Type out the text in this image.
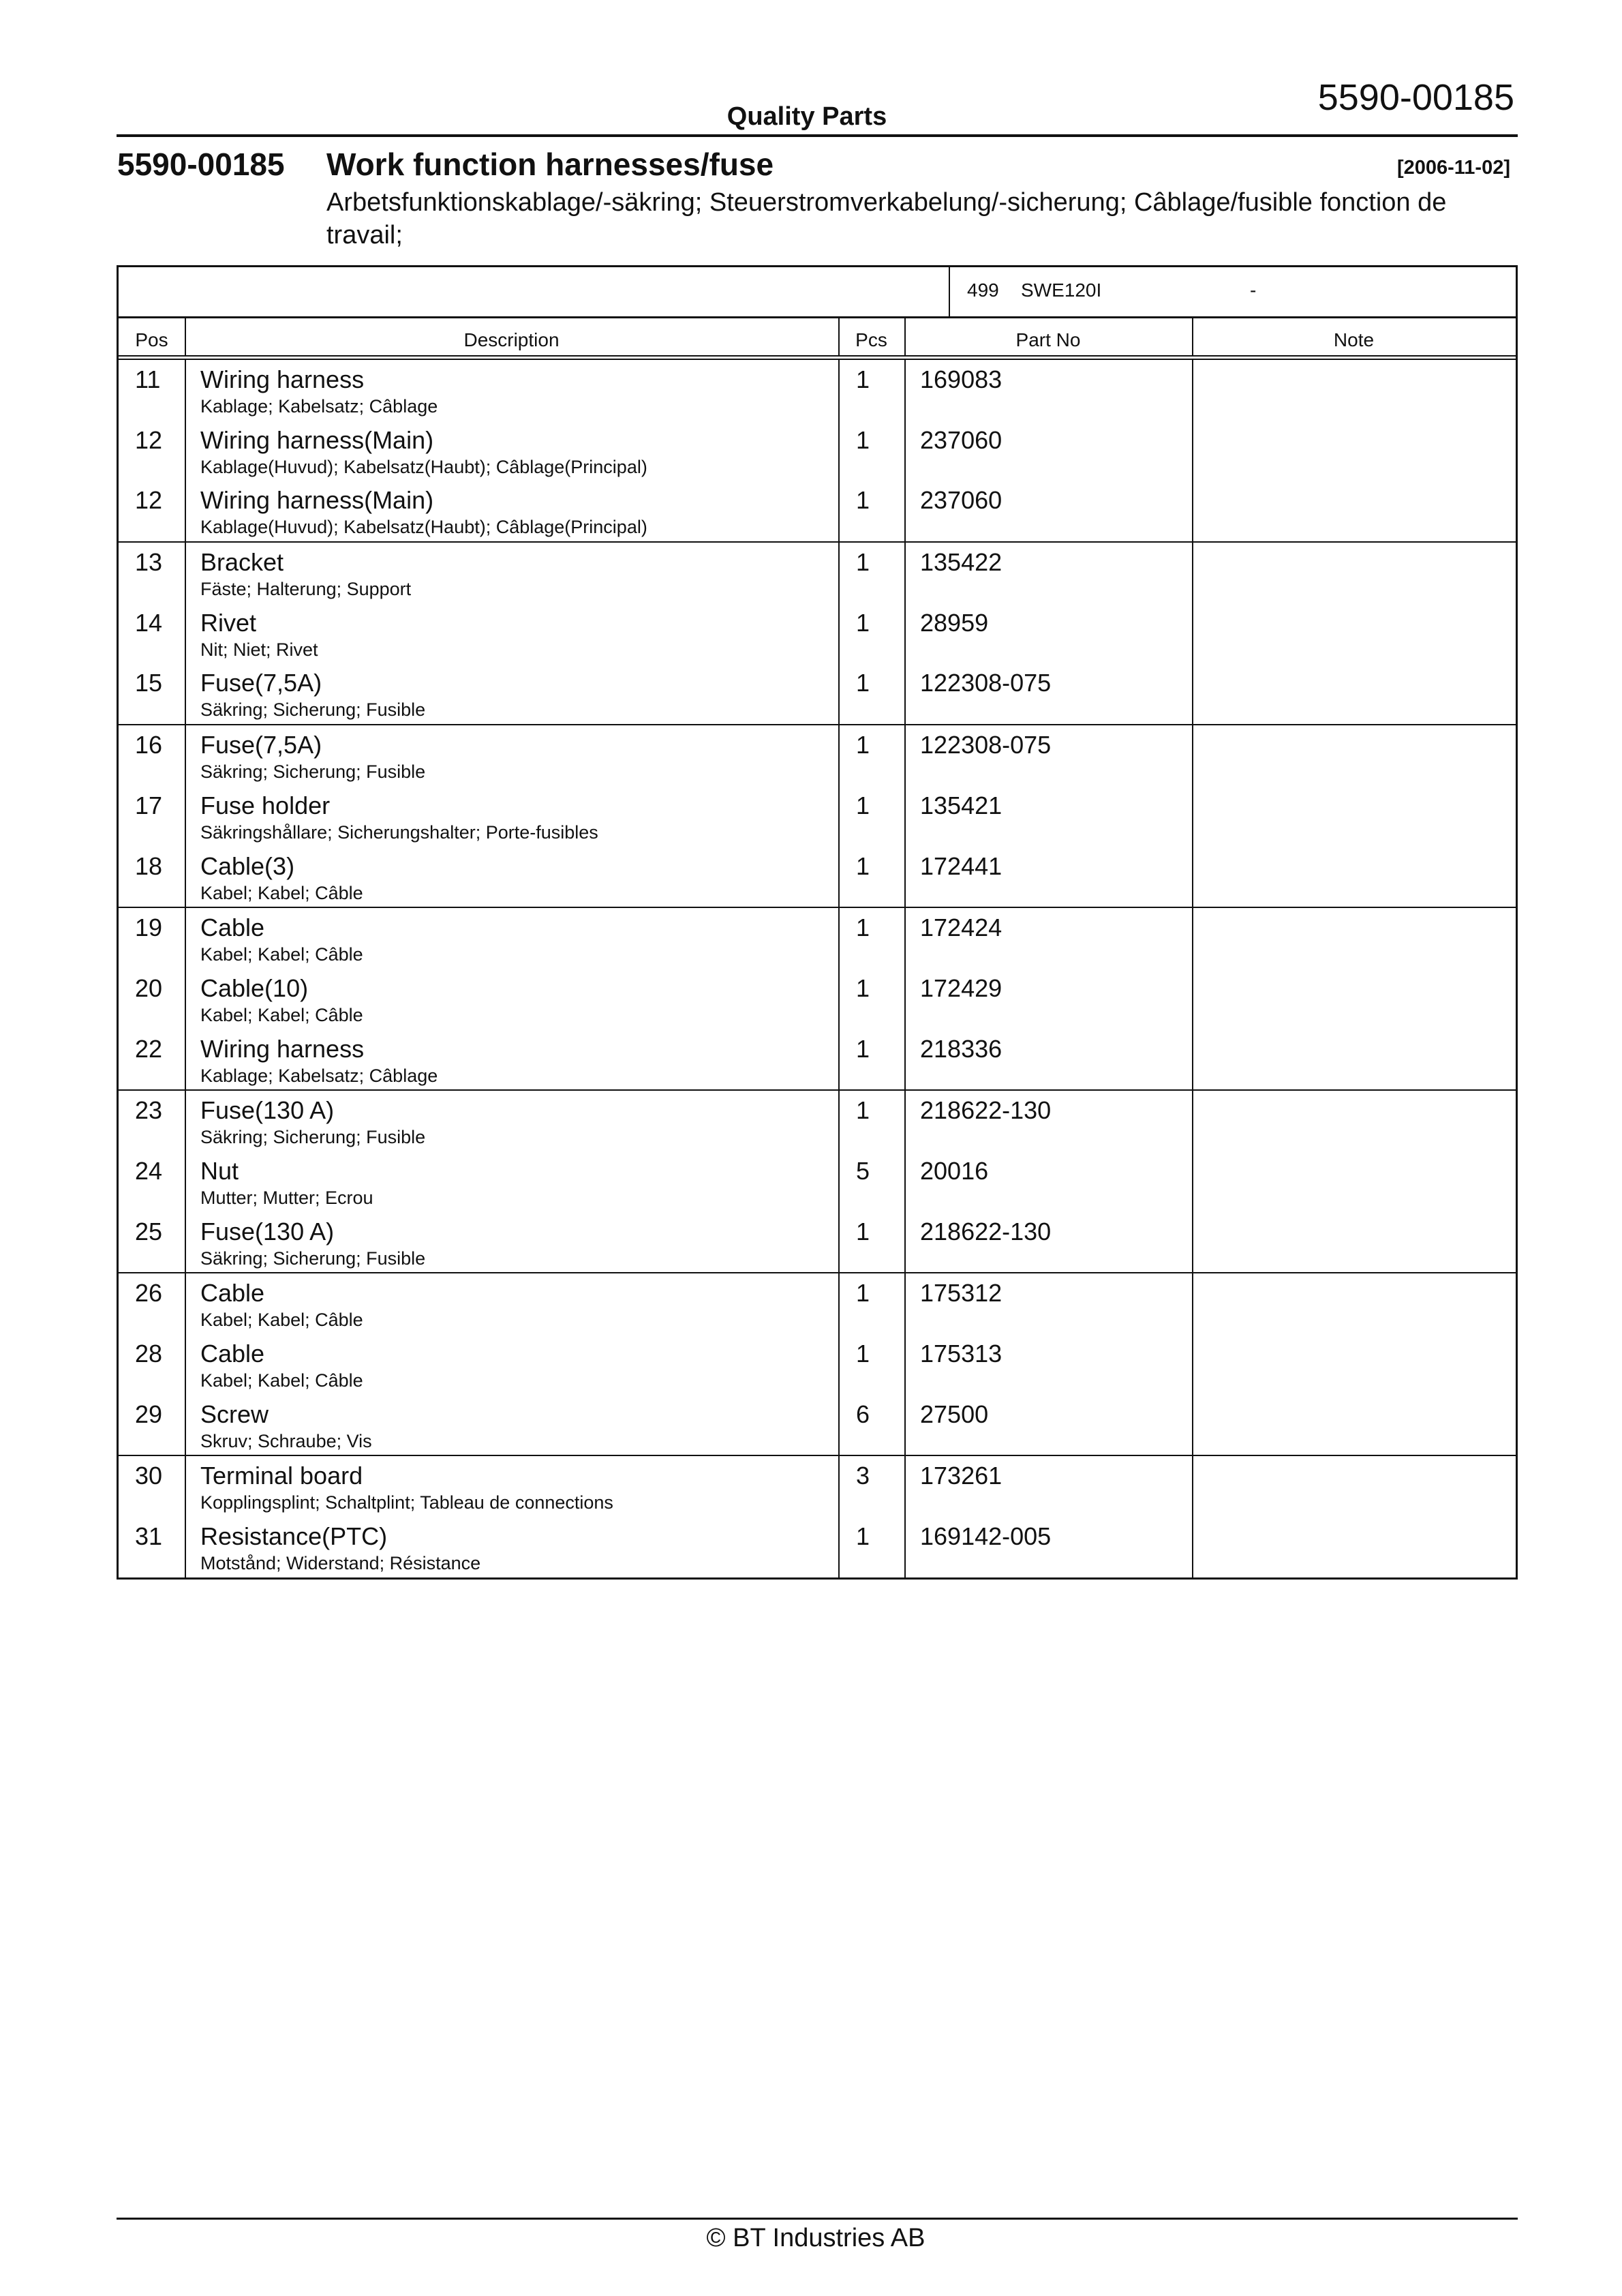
5590-00185
Quality Parts
5590-00185 Work function harnesses/fuse	[2006-11-02]
Arbetsfunktionskablage/-säkring; Steuerstromverkabelung/-sicherung; Câblage/fusible fonction de travail;
499 SWE120I	-
Pos	Description	Pcs	Part No	Note
11 Wiring harness
Kablage; Kabelsatz; Câblage
1 169083
12 Wiring harness(Main)
Kablage(Huvud); Kabelsatz(Haubt); Câblage(Principal)
1 237060
12 Wiring harness(Main)
Kablage(Huvud); Kabelsatz(Haubt); Câblage(Principal)
1 237060
13 Bracket
Fäste; Halterung; Support
1 135422
14 Rivet
Nit; Niet; Rivet
1 28959
15 Fuse(7,5A)
Säkring; Sicherung; Fusible
1 122308-075
16 Fuse(7,5A)
Säkring; Sicherung; Fusible
1 122308-075
17 Fuse holder
Säkringshållare; Sicherungshalter; Porte-fusibles
1 135421
18 Cable(3)
Kabel; Kabel; Câble
1 172441
19 Cable
Kabel; Kabel; Câble
1 172424
20 Cable(10)
Kabel; Kabel; Câble
1 172429
22 Wiring harness
Kablage; Kabelsatz; Câblage
1 218336
23 Fuse(130 A)
Säkring; Sicherung; Fusible
1 218622-130
24 Nut
Mutter; Mutter; Ecrou
5 20016
25 Fuse(130 A)
Säkring; Sicherung; Fusible
1 218622-130
26 Cable
Kabel; Kabel; Câble
1 175312
28 Cable
Kabel; Kabel; Câble
1 175313
29 Screw
Skruv; Schraube; Vis
6 27500
30 Terminal board
Kopplingsplint; Schaltplint; Tableau de connections
3 173261
31 Resistance(PTC)
Motstånd; Widerstand; Résistance
1 169142-005
© BT Industries AB
